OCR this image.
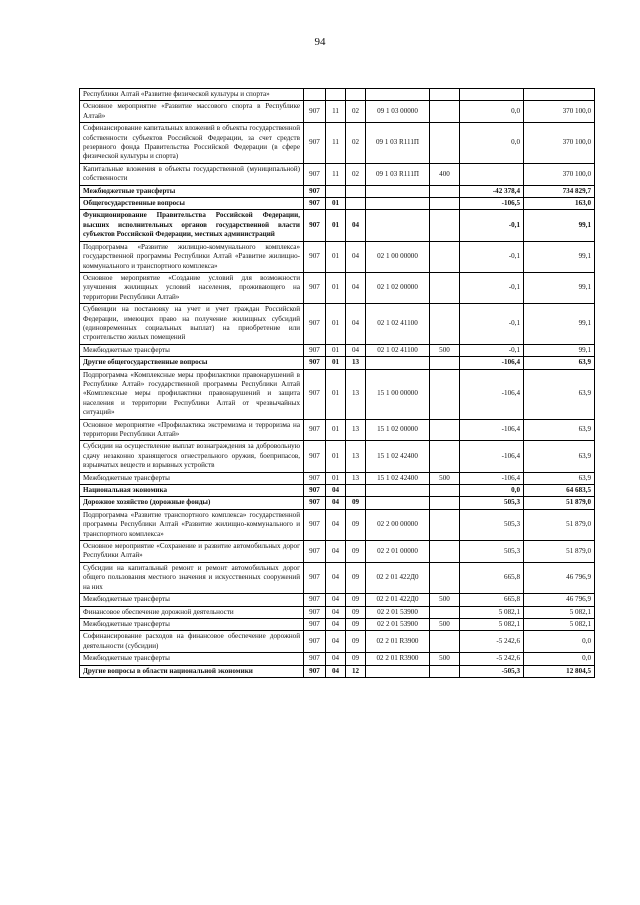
94
Республики Алтай «Развитие физической культуры и спорта»							

Основное мероприятие «Развитие массового спорта в Республике Алтай»	907	11	02	09 1 03 00000		0,0	370 100,0

Софинансирование капитальных вложений в объекты государственной собственности субъектов Российской Федерации, за счет средств резервного фонда Правительства Российской Федерации (в сфере физической культуры и спорта)	907	11	02	09 1 03 R111П		0,0	370 100,0

Капитальные вложения в объекты государственной (муниципальной) собственности	907	11	02	09 1 03 R111П	400		370 100,0

Межбюджетные трансферты	907					-42 378,4	734 829,7

Общегосударственные вопросы	907	01				-106,5	163,0

Функционирование Правительства Российской Федерации, высших исполнительных органов государственной власти субъектов Российской Федерации, местных администраций	907	01	04			-0,1	99,1

Подпрограмма «Развитие жилищно-коммунального комплекса» государственной программы Республики Алтай «Развитие жилищно-коммунального и транспортного комплекса»	907	01	04	02 1 00 00000		-0,1	99,1

Основное мероприятие «Создание условий для возможности улучшения жилищных условий населения, проживающего на территории Республики Алтай»	907	01	04	02 1 02 00000		-0,1	99,1

Субвенции на постановку на учет и учет граждан Российской Федерации, имеющих право на получение жилищных субсидий (единовременных социальных выплат) на приобретение или строительство жилых помещений	907	01	04	02 1 02 41100		-0,1	99,1

Межбюджетные трансферты	907	01	04	02 1 02 41100	500	-0,1	99,1

Другие общегосударственные вопросы	907	01	13			-106,4	63,9

Подпрограмма «Комплексные меры профилактики правонарушений в Республике Алтай» государственной программы Республики Алтай «Комплексные меры профилактики правонарушений и защита населения и территории Республики Алтай от чрезвычайных ситуаций»	907	01	13	15 1 00 00000		-106,4	63,9

Основное мероприятие «Профилактика экстремизма и терроризма на территории Республики Алтай»	907	01	13	15 1 02 00000		-106,4	63,9

Субсидии на осуществление выплат вознаграждения за добровольную сдачу незаконно хранящегося огнестрельного оружия, боеприпасов, взрывчатых веществ и взрывных устройств	907	01	13	15 1 02 42400		-106,4	63,9

Межбюджетные трансферты	907	01	13	15 1 02 42400	500	-106,4	63,9

Национальная экономика	907	04				0,0	64 683,5

Дорожное хозяйство (дорожные фонды)	907	04	09			505,3	51 879,0

Подпрограмма «Развитие транспортного комплекса» государственной программы Республики Алтай «Развитие жилищно-коммунального и транспортного комплекса»	907	04	09	02 2 00 00000		505,3	51 879,0

Основное мероприятие «Сохранение и развитие автомобильных дорог Республики Алтай»	907	04	09	02 2 01 00000		505,3	51 879,0

Субсидии на капитальный ремонт и ремонт автомобильных дорог общего пользования местного значения и искусственных сооружений на них	907	04	09	02 2 01 422Д0		665,8	46 796,9

Межбюджетные трансферты	907	04	09	02 2 01 422Д0	500	665,8	46 796,9

Финансовое обеспечение дорожной деятельности	907	04	09	02 2 01 53900		5 082,1	5 082,1

Межбюджетные трансферты	907	04	09	02 2 01 53900	500	5 082,1	5 082,1

Софинансирование расходов на финансовое обеспечение дорожной деятельности (субсидии)	907	04	09	02 2 01 R3900		-5 242,6	0,0

Межбюджетные трансферты	907	04	09	02 2 01 R3900	500	-5 242,6	0,0

Другие вопросы в области национальной экономики	907	04	12			-505,3	12 804,5
